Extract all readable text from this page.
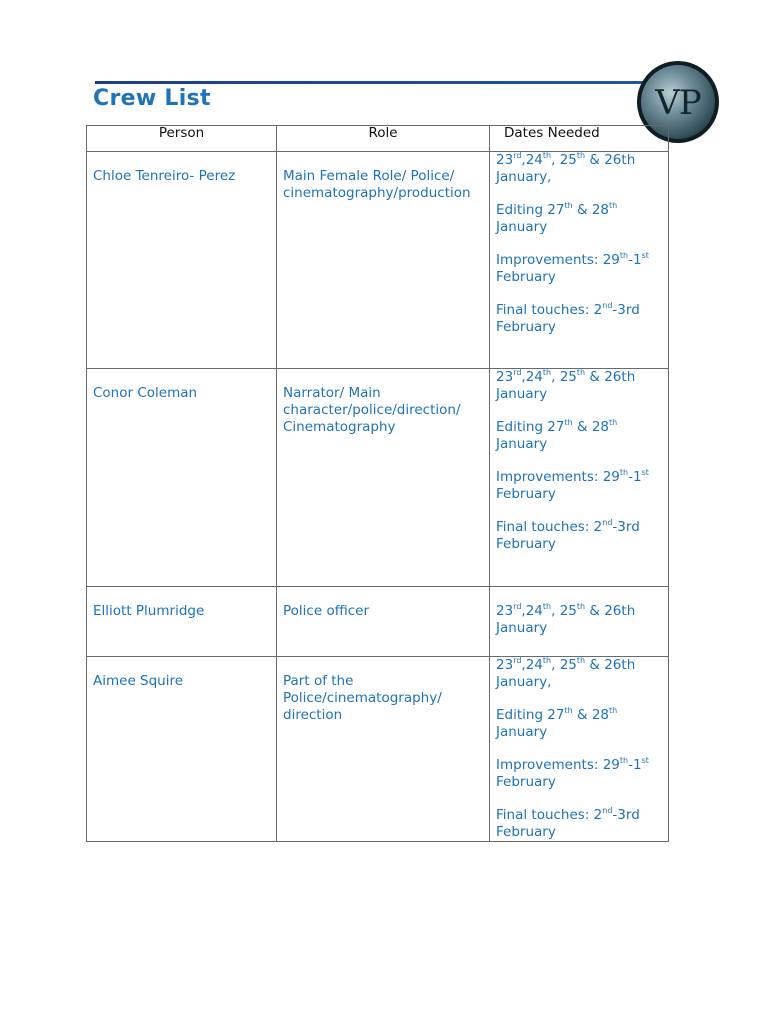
Crew List	VP
Person	Role	Dates Needed
Chloe Tenreiro- Perez	Main Female Role/ Police/ cinematography/production	23rd,24th, 25th & 26th January,

Editing 27th & 28th January

Improvements: 29th-1st February

Final touches: 2nd-3rd February

Conor Coleman	Narrator/ Main character/police/direction/ Cinematography	23rd,24th, 25th & 26th January

Editing 27th & 28th January

Improvements: 29th-1st February

Final touches: 2nd-3rd February

Elliott Plumridge	Police officer	23rd,24th, 25th & 26th January

Aimee Squire	Part of the Police/cinematography/ direction	23rd,24th, 25th & 26th January,

Editing 27th & 28th January

Improvements: 29th-1st February

Final touches: 2nd-3rd February
